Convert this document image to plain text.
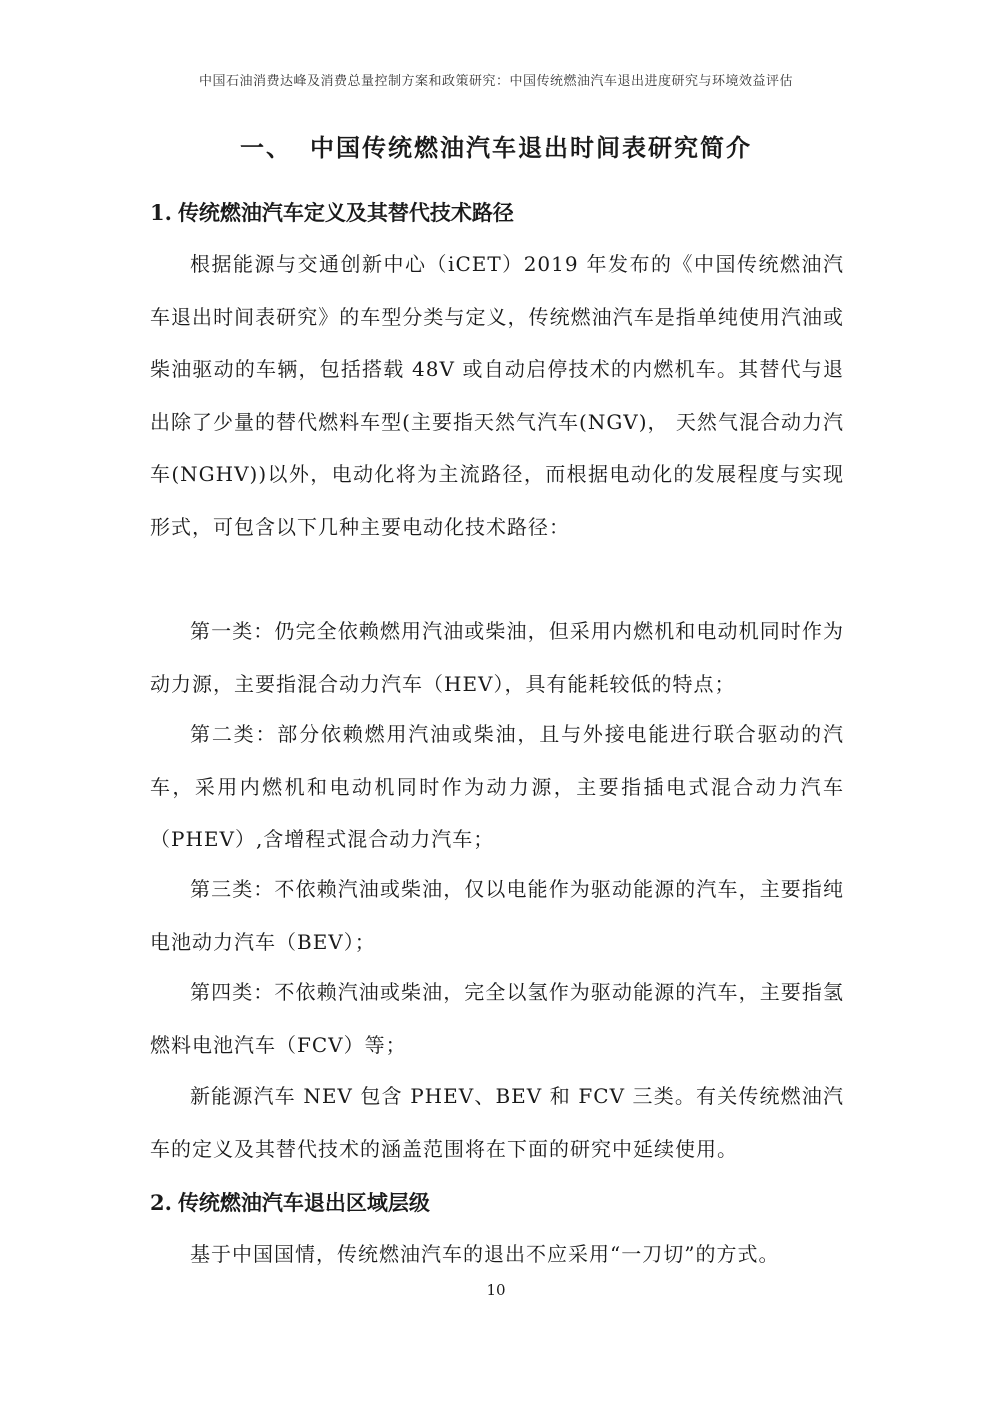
中国石油消费达峰及消费总量控制方案和政策研究：中国传统燃油汽车退出进度研究与环境效益评估
一、 中国传统燃油汽车退出时间表研究简介
1. 传统燃油汽车定义及其替代技术路径

根据能源与交通创新中心（iCET）2019 年发布的《中国传统燃油汽车退出时间表研究》的车型分类与定义，传统燃油汽车是指单纯使用汽油或柴油驱动的车辆，包括搭载 48V 或自动启停技术的内燃机车。其替代与退出除了少量的替代燃料车型(主要指天然气汽车(NGV)， 天然气混合动力汽车(NGHV))以外，电动化将为主流路径，而根据电动化的发展程度与实现形式，可包含以下几种主要电动化技术路径：

第一类：仍完全依赖燃用汽油或柴油，但采用内燃机和电动机同时作为动力源，主要指混合动力汽车（HEV），具有能耗较低的特点；

第二类：部分依赖燃用汽油或柴油，且与外接电能进行联合驱动的汽车，采用内燃机和电动机同时作为动力源，主要指插电式混合动力汽车（PHEV）,含增程式混合动力汽车；

第三类：不依赖汽油或柴油，仅以电能作为驱动能源的汽车，主要指纯电池动力汽车（BEV）；

第四类：不依赖汽油或柴油，完全以氢作为驱动能源的汽车，主要指氢燃料电池汽车（FCV）等；

新能源汽车 NEV 包含 PHEV、BEV 和 FCV 三类。有关传统燃油汽车的定义及其替代技术的涵盖范围将在下面的研究中延续使用。

2. 传统燃油汽车退出区域层级

基于中国国情，传统燃油汽车的退出不应采用“一刀切”的方式。

10
